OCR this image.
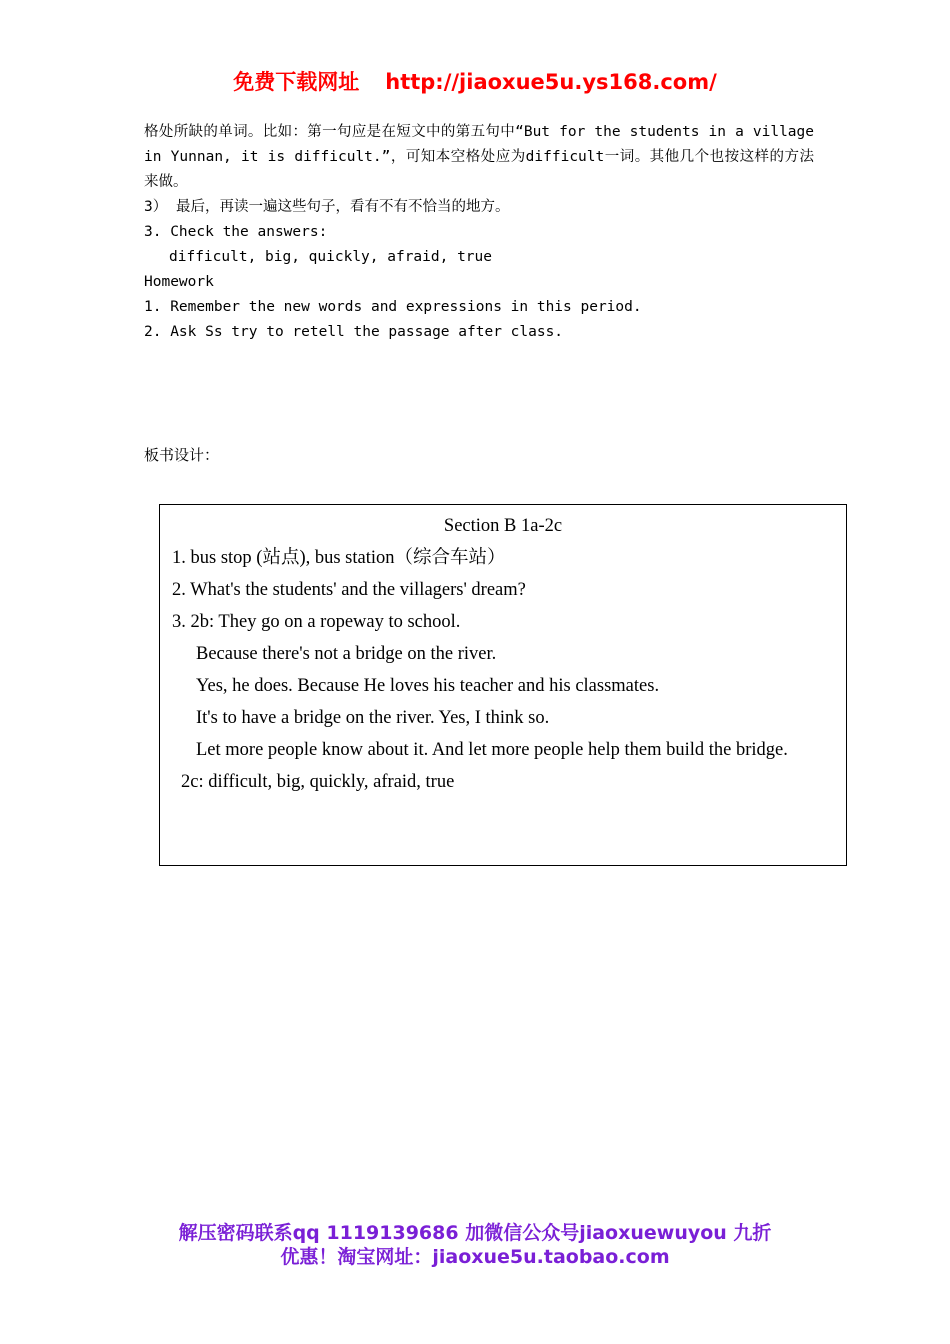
免费下载网址 http://jiaoxue5u.ys168.com/

格处所缺的单词。比如：第一句应是在短文中的第五句中“But for the students in a village in Yunnan, it is difficult.”，可知本空格处应为difficult一词。其他几个也按这样的方法来做。

3） 最后，再读一遍这些句子，看有不有不恰当的地方。

3. Check the answers:

difficult, big, quickly, afraid, true

Homework

1. Remember the new words and expressions in this period.

2. Ask Ss try to retell the passage after class.

板书设计：

Section B 1a-2c

1. bus stop (站点), bus station（综合车站）

2. What's the students' and the villagers' dream?

3. 2b: They go on a ropeway to school.

Because there's not a bridge on the river.

Yes, he does. Because He loves his teacher and his classmates.

It's to have a bridge on the river. Yes, I think so.

Let more people know about it. And let more people help them build the bridge.

2c: difficult, big, quickly, afraid, true

解压密码联系qq 1119139686 加微信公众号jiaoxuewuyou 九折
优惠！淘宝网址：jiaoxue5u.taobao.com
